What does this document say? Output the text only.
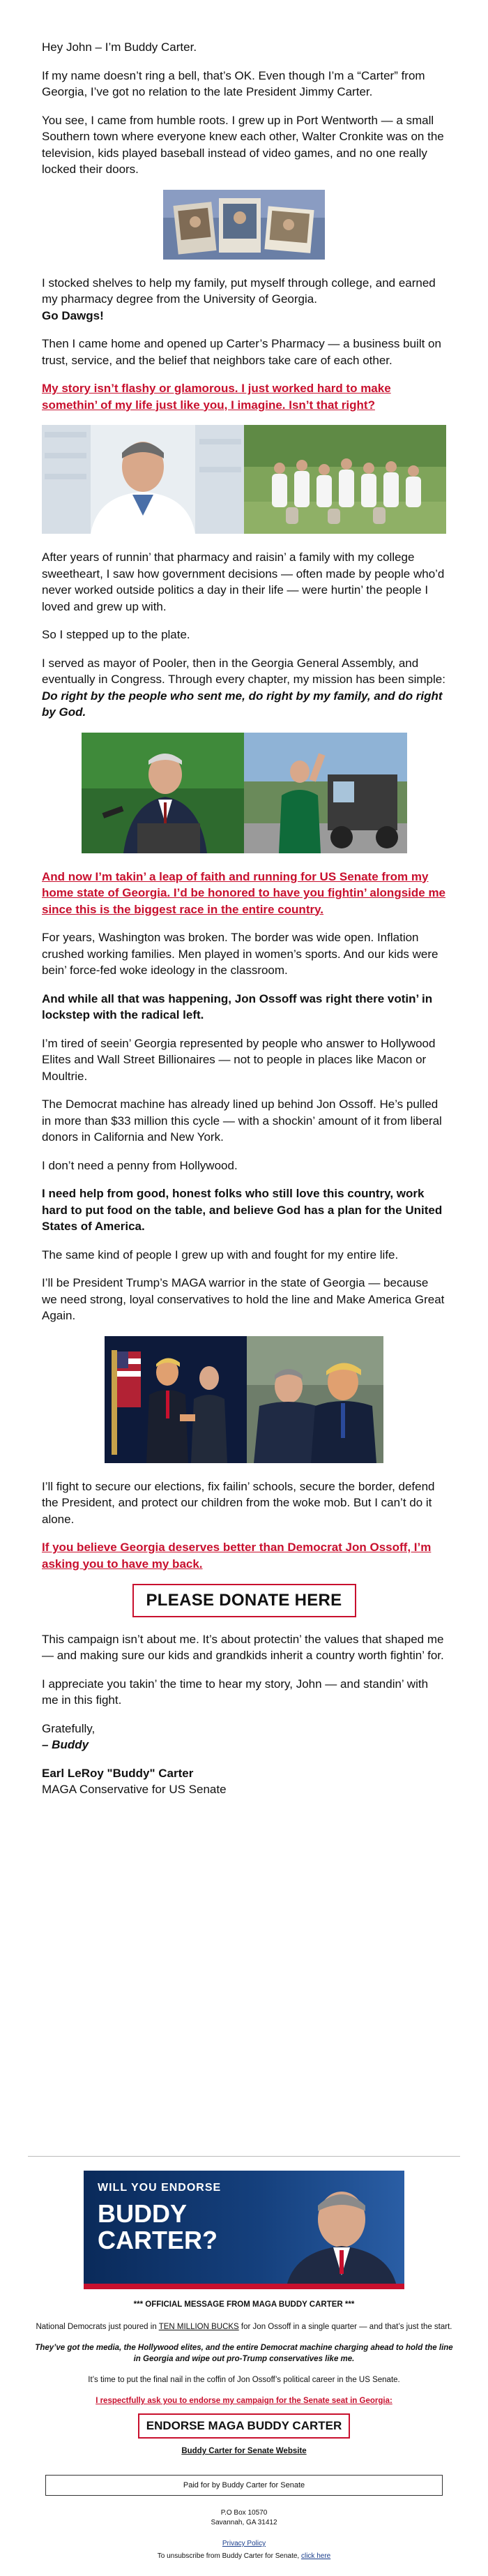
Hey John – I’m Buddy Carter.

If my name doesn’t ring a bell, that’s OK. Even though I’m a “Carter” from Georgia, I’ve got no relation to the late President Jimmy Carter.

You see, I came from humble roots. I grew up in Port Wentworth — a small Southern town where everyone knew each other, Walter Cronkite was on the television, kids played baseball instead of video games, and no one really locked their doors.

I stocked shelves to help my family, put myself through college, and earned my pharmacy degree from the University of Georgia.
Go Dawgs!

Then I came home and opened up Carter’s Pharmacy — a business built on trust, service, and the belief that neighbors take care of each other.

My story isn’t flashy or glamorous. I just worked hard to make somethin’ of my life just like you, I imagine. Isn’t that right?

After years of runnin’ that pharmacy and raisin’ a family with my college sweetheart, I saw how government decisions — often made by people who’d never worked outside politics a day in their life — were hurtin’ the people I loved and grew up with.

So I stepped up to the plate.

I served as mayor of Pooler, then in the Georgia General Assembly, and eventually in Congress. Through every chapter, my mission has been simple: Do right by the people who sent me, do right by my family, and do right by God.

And now I’m takin’ a leap of faith and running for US Senate from my home state of Georgia. I’d be honored to have you fightin’ alongside me since this is the biggest race in the entire country.

For years, Washington was broken. The border was wide open. Inflation crushed working families. Men played in women’s sports. And our kids were bein’ force-fed woke ideology in the classroom.

And while all that was happening, Jon Ossoff was right there votin’ in lockstep with the radical left.

I’m tired of seein’ Georgia represented by people who answer to Hollywood Elites and Wall Street Billionaires — not to people in places like Macon or Moultrie.

The Democrat machine has already lined up behind Jon Ossoff. He’s pulled in more than $33 million this cycle — with a shockin’ amount of it from liberal donors in California and New York.

I don’t need a penny from Hollywood.

I need help from good, honest folks who still love this country, work hard to put food on the table, and believe God has a plan for the United States of America.

The same kind of people I grew up with and fought for my entire life.

I’ll be President Trump’s MAGA warrior in the state of Georgia — because we need strong, loyal conservatives to hold the line and Make America Great Again.

I’ll fight to secure our elections, fix failin’ schools, secure the border, defend the President, and protect our children from the woke mob. But I can’t do it alone.

If you believe Georgia deserves better than Democrat Jon Ossoff, I’m asking you to have my back.

PLEASE DONATE HERE

This campaign isn’t about me. It’s about protectin’ the values that shaped me — and making sure our kids and grandkids inherit a country worth fightin’ for.

I appreciate you takin’ the time to hear my story, John — and standin’ with me in this fight.

Gratefully,
– Buddy

Earl LeRoy "Buddy" Carter
MAGA Conservative for US Senate

WILL YOU ENDORSE
BUDDY
CARTER?

*** OFFICIAL MESSAGE FROM MAGA BUDDY CARTER ***

National Democrats just poured in TEN MILLION BUCKS for Jon Ossoff in a single quarter — and that’s just the start.

They’ve got the media, the Hollywood elites, and the entire Democrat machine charging ahead to hold the line in Georgia and wipe out pro-Trump conservatives like me.

It’s time to put the final nail in the coffin of Jon Ossoff’s political career in the US Senate.

I respectfully ask you to endorse my campaign for the Senate seat in Georgia:

ENDORSE MAGA BUDDY CARTER

Buddy Carter for Senate Website

Paid for by Buddy Carter for Senate

P.O Box 10570

Savannah, GA 31412

Privacy Policy

To unsubscribe from Buddy Carter for Senate, click here
